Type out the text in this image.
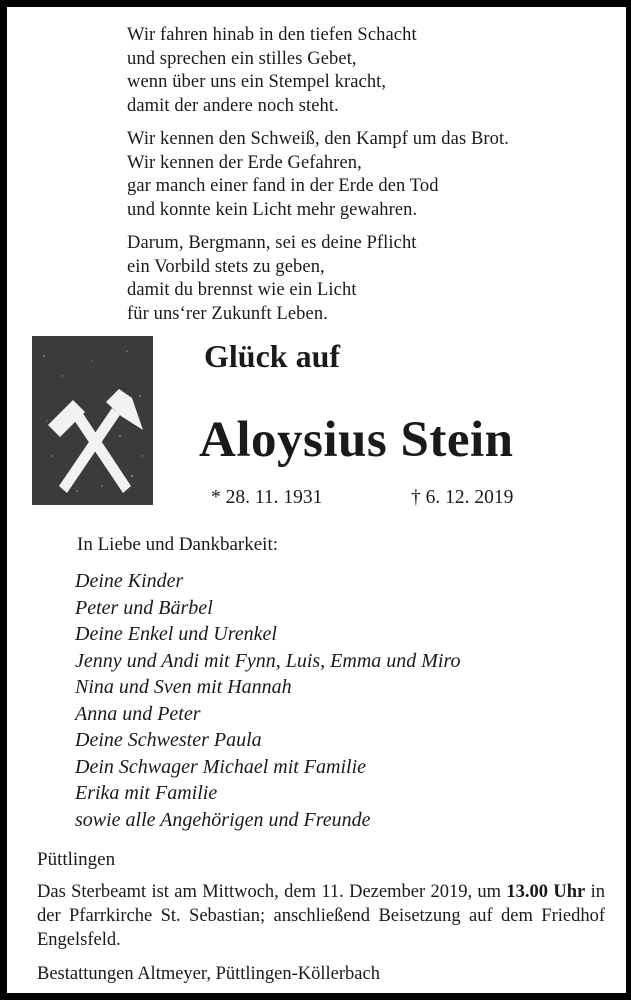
Wir fahren hinab in den tiefen Schacht
und sprechen ein stilles Gebet,
wenn über uns ein Stempel kracht,
damit der andere noch steht.
Wir kennen den Schweiß, den Kampf um das Brot.
Wir kennen der Erde Gefahren,
gar manch einer fand in der Erde den Tod
und konnte kein Licht mehr gewahren.
Darum, Bergmann, sei es deine Pflicht
ein Vorbild stets zu geben,
damit du brennst wie ein Licht
für uns‘rer Zukunft Leben.
Glück auf
Aloysius Stein
* 28. 11. 1931	† 6. 12. 2019
In Liebe und Dankbarkeit:
Deine Kinder
Peter und Bärbel
Deine Enkel und Urenkel
Jenny und Andi mit Fynn, Luis, Emma und Miro
Nina und Sven mit Hannah
Anna und Peter
Deine Schwester Paula
Dein Schwager Michael mit Familie
Erika mit Familie
sowie alle Angehörigen und Freunde
Püttlingen
Das Sterbeamt ist am Mittwoch, dem 11. Dezember 2019, um 13.00 Uhr in der Pfarrkirche St. Sebastian; anschließend Beisetzung auf dem Friedhof Engelsfeld.
Bestattungen Altmeyer, Püttlingen-Köllerbach
